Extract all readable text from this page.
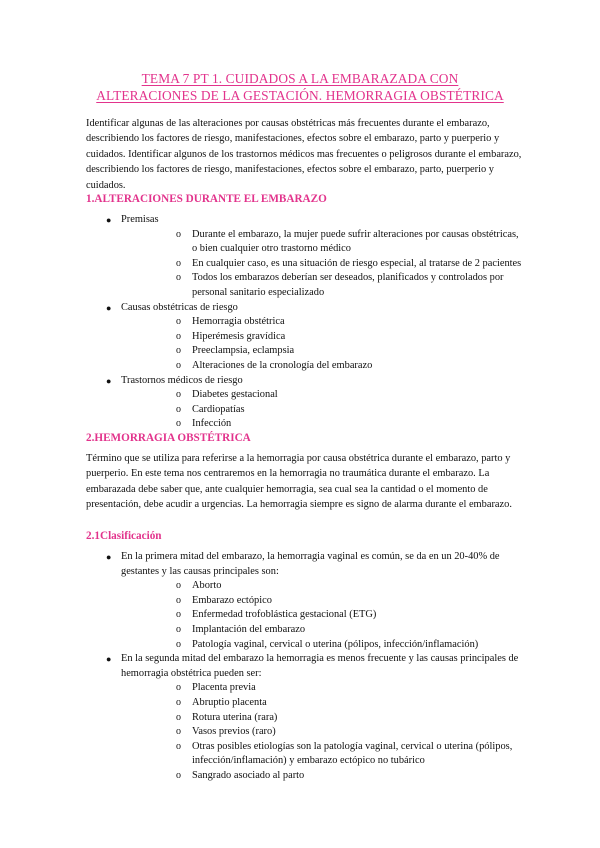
TEMA 7 PT 1. CUIDADOS A LA EMBARAZADA CON
ALTERACIONES DE LA GESTACIÓN. HEMORRAGIA OBSTÉTRICA

Identificar algunas de las alteraciones por causas obstétricas más frecuentes durante el embarazo, describiendo los factores de riesgo, manifestaciones, efectos sobre el embarazo, parto y puerperio y cuidados. Identificar algunos de los trastornos médicos mas frecuentes o peligrosos durante el embarazo, describiendo los factores de riesgo, manifestaciones, efectos sobre el embarazo, parto, puerperio y cuidados.

1.ALTERACIONES DURANTE EL EMBARAZO
● Premisas
o Durante el embarazo, la mujer puede sufrir alteraciones por causas obstétricas, o bien cualquier otro trastorno médico
o En cualquier caso, es una situación de riesgo especial, al tratarse de 2 pacientes
o Todos los embarazos deberían ser deseados, planificados y controlados por personal sanitario especializado
● Causas obstétricas de riesgo
o Hemorragia obstétrica
o Hiperémesis gravídica
o Preeclampsia, eclampsia
o Alteraciones de la cronología del embarazo
● Trastornos médicos de riesgo
o Diabetes gestacional
o Cardiopatías
o Infección
2.HEMORRAGIA OBSTÉTRICA

Término que se utiliza para referirse a la hemorragia por causa obstétrica durante el embarazo, parto y puerperio. En este tema nos centraremos en la hemorragia no traumática durante el embarazo. La embarazada debe saber que, ante cualquier hemorragia, sea cual sea la cantidad o el momento de presentación, debe acudir a urgencias. La hemorragia siempre es signo de alarma durante el embarazo.

2.1Clasificación
● En la primera mitad del embarazo, la hemorragia vaginal es común, se da en un 20-40% de gestantes y las causas principales son:
o Aborto
o Embarazo ectópico
o Enfermedad trofoblástica gestacional (ETG)
o Implantación del embarazo
o Patología vaginal, cervical o uterina (pólipos, infección/inflamación)
● En la segunda mitad del embarazo la hemorragia es menos frecuente y las causas principales de hemorragia obstétrica pueden ser:
o Placenta previa
o Abruptio placenta
o Rotura uterina (rara)
o Vasos previos (raro)
o Otras posibles etiologías son la patología vaginal, cervical o uterina (pólipos, infección/inflamación) y embarazo ectópico no tubárico
o Sangrado asociado al parto
